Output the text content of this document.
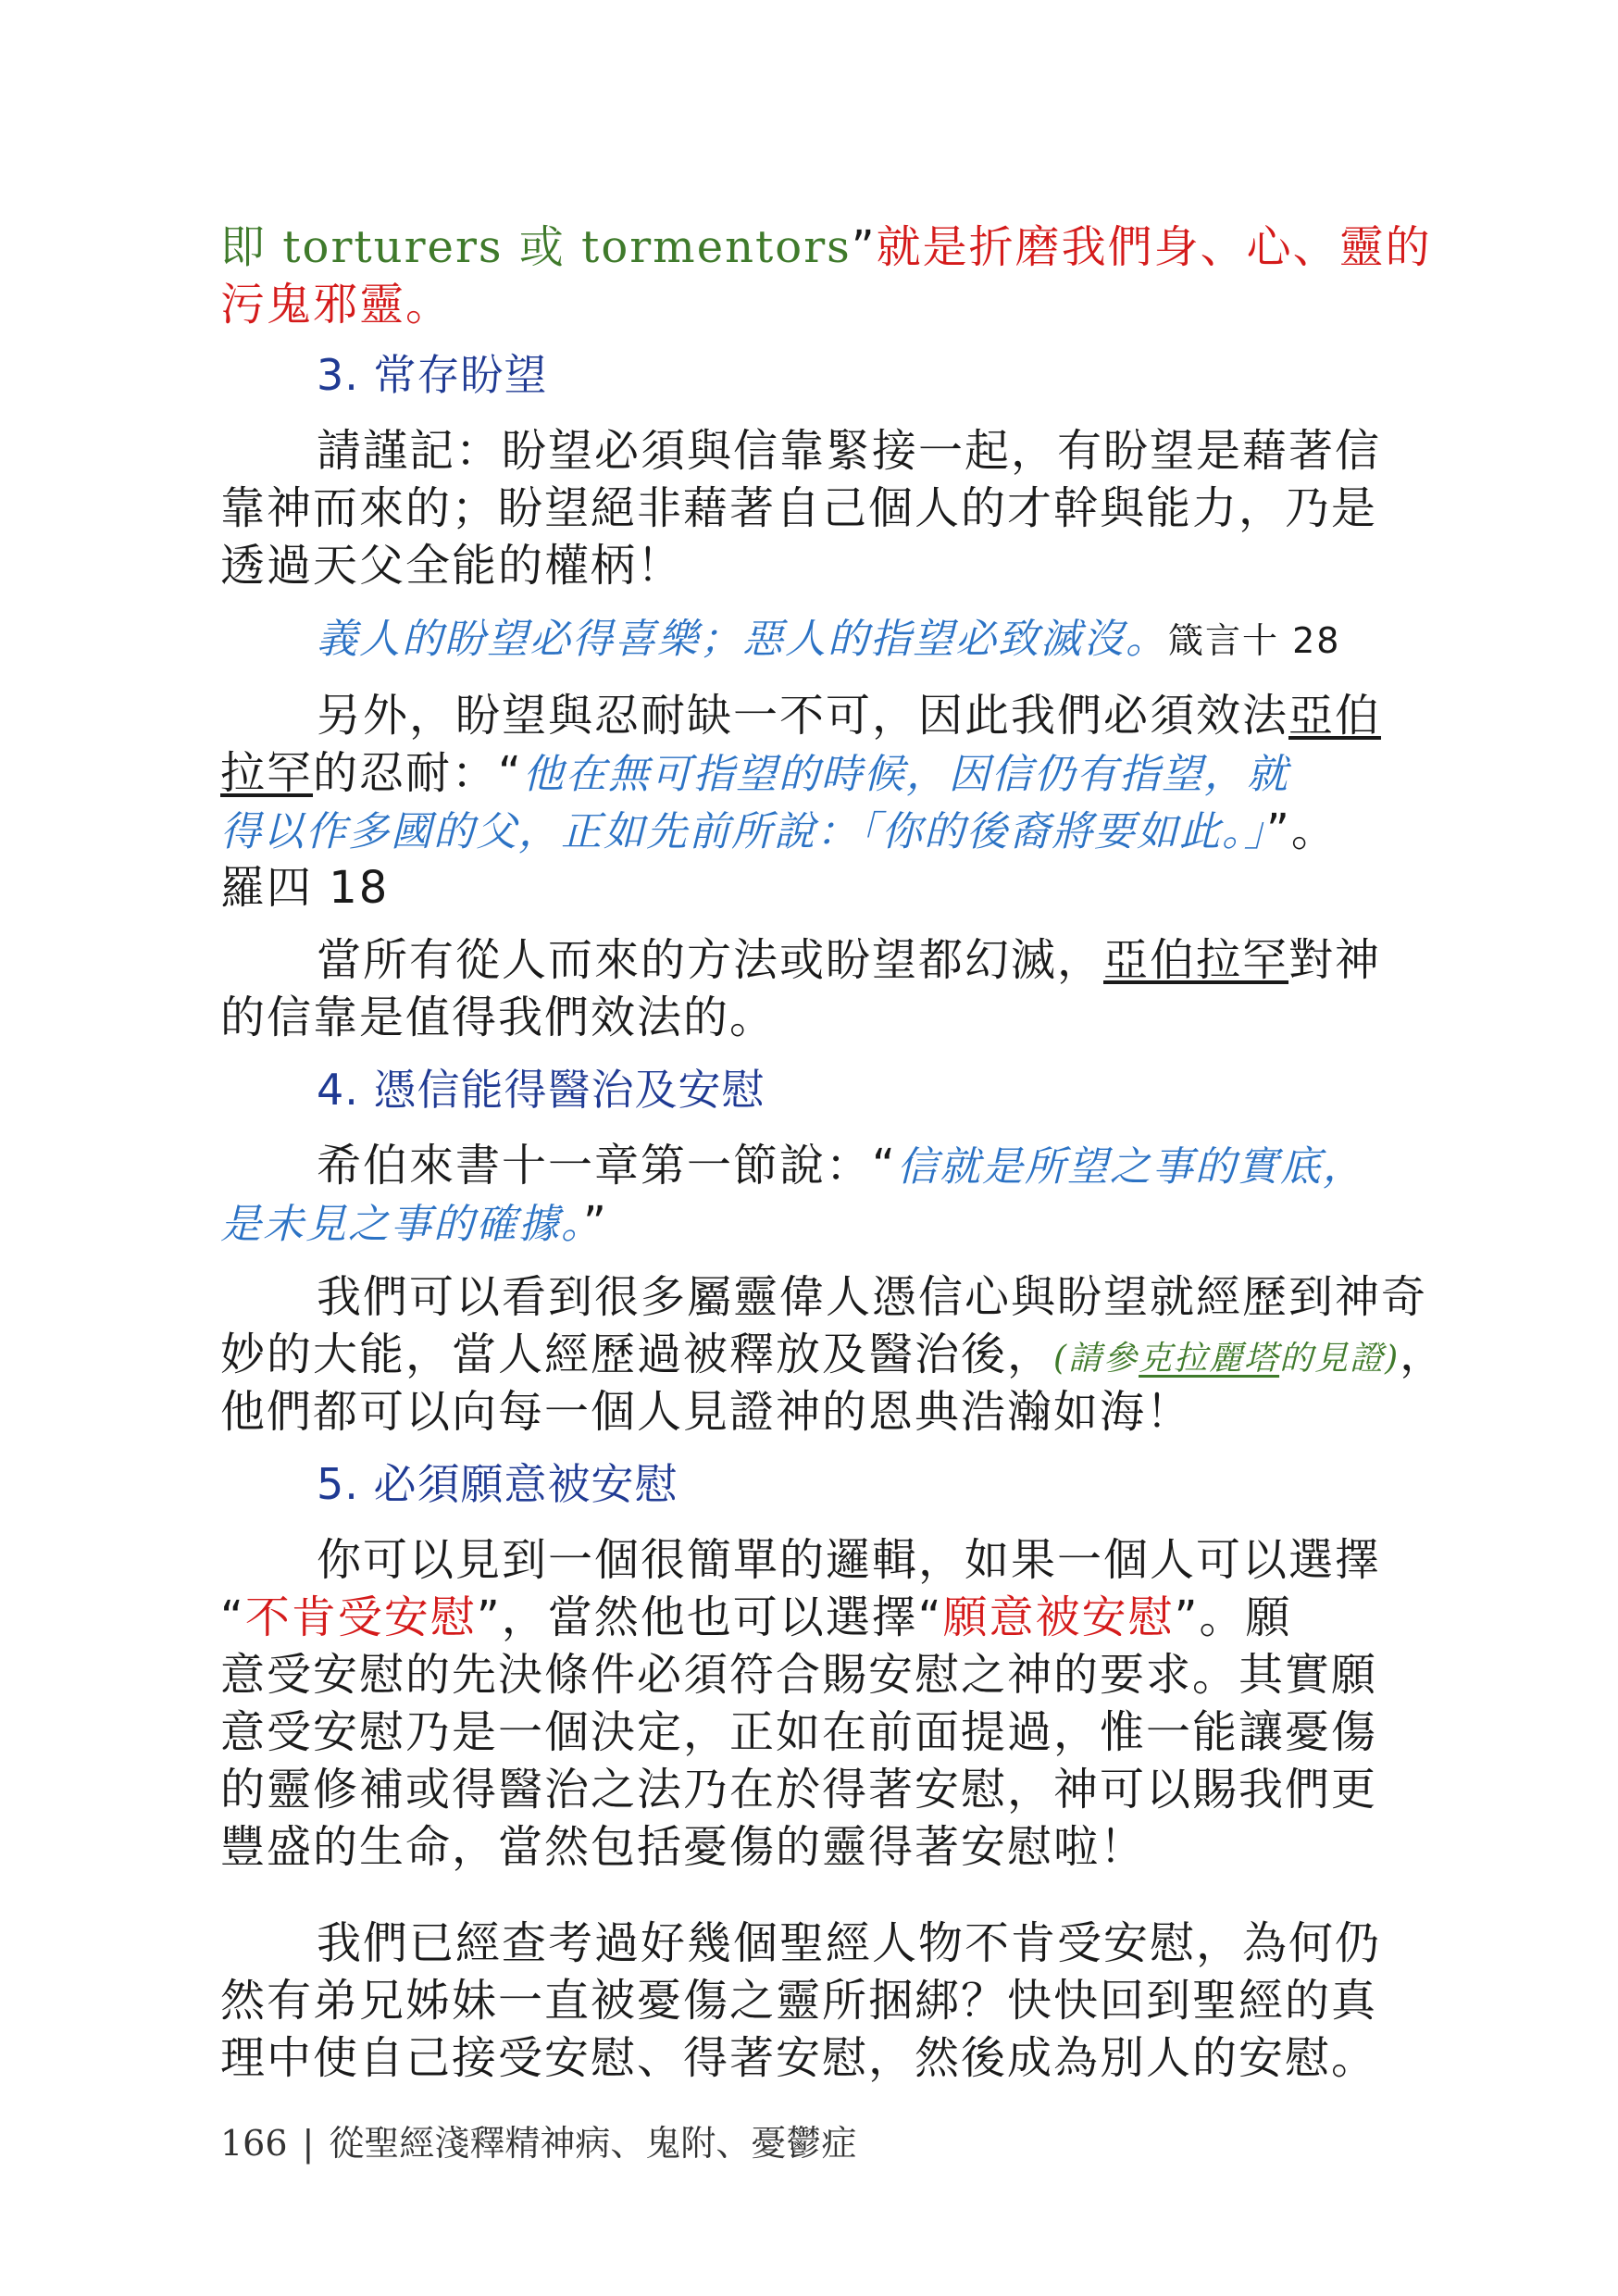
即 torturers 或 tormentors”就是折磨我們身、心、靈的
污鬼邪靈。
3. 常存盼望
請謹記：盼望必須與信靠緊接一起，有盼望是藉著信
靠神而來的；盼望絕非藉著自己個人的才幹與能力，乃是
透過天父全能的權柄！
義人的盼望必得喜樂；惡人的指望必致滅沒。箴言十 28
另外，盼望與忍耐缺一不可，因此我們必須效法亞伯
拉罕的忍耐：“他在無可指望的時候，因信仍有指望，就
得以作多國的父，正如先前所說：「你的後裔將要如此。」”。
羅四 18
當所有從人而來的方法或盼望都幻滅，亞伯拉罕對神
的信靠是值得我們效法的。
4. 憑信能得醫治及安慰
希伯來書十一章第一節說：“信就是所望之事的實底，
是未見之事的確據。”
我們可以看到很多屬靈偉人憑信心與盼望就經歷到神奇
妙的大能，當人經歷過被釋放及醫治後，(請參克拉麗塔的見證)，
他們都可以向每一個人見證神的恩典浩瀚如海！
5. 必須願意被安慰
你可以見到一個很簡單的邏輯，如果一個人可以選擇
“不肯受安慰”，當然他也可以選擇“願意被安慰”。願
意受安慰的先決條件必須符合賜安慰之神的要求。其實願
意受安慰乃是一個決定，正如在前面提過，惟一能讓憂傷
的靈修補或得醫治之法乃在於得著安慰，神可以賜我們更
豐盛的生命，當然包括憂傷的靈得著安慰啦！
我們已經查考過好幾個聖經人物不肯受安慰，為何仍
然有弟兄姊妹一直被憂傷之靈所捆綁？快快回到聖經的真
理中使自己接受安慰、得著安慰，然後成為別人的安慰。
166 | 從聖經淺釋精神病、鬼附、憂鬱症
